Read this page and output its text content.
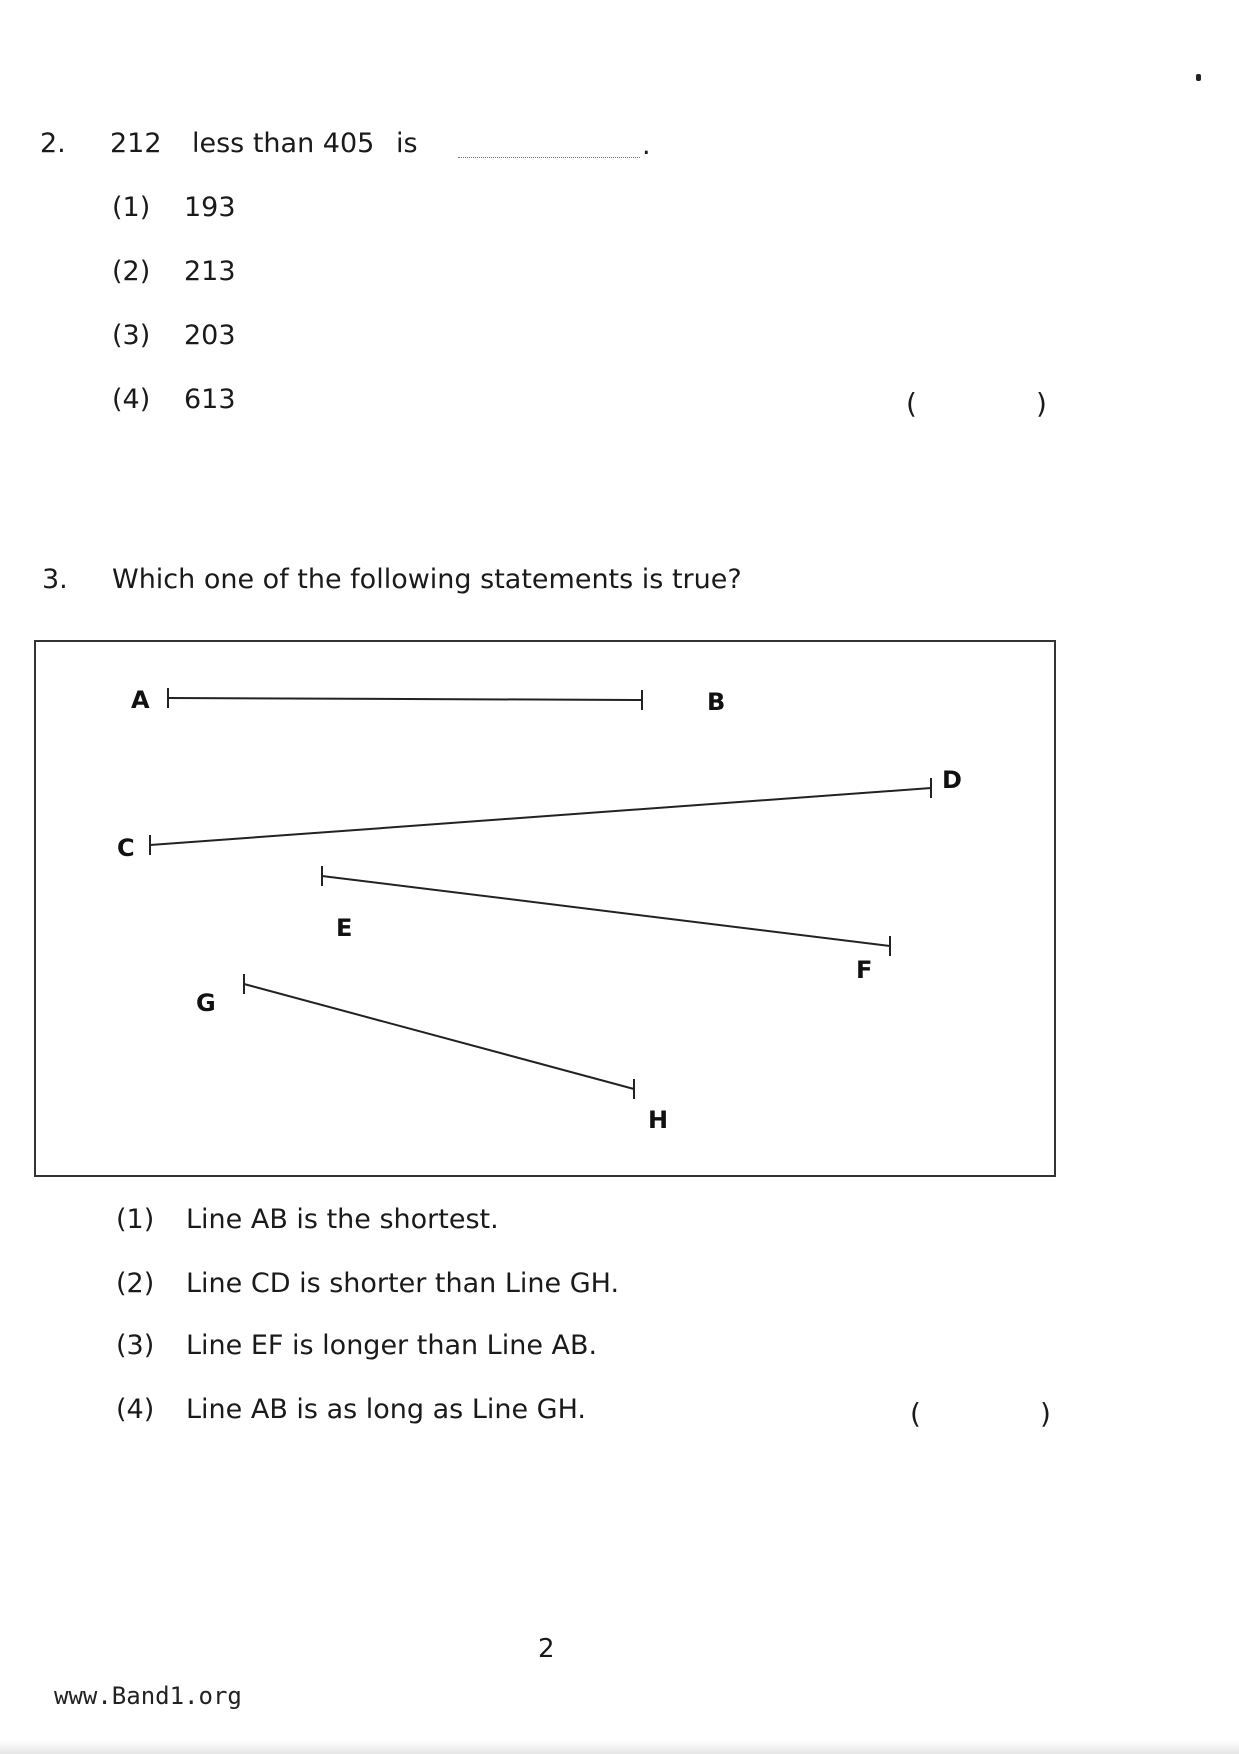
2. 212 less than 405 is	.
(1) 193
(2) 213
(3) 203
(4) 613	(	)
3. Which one of the following statements is true?
A	B
C
D
E
F
G
H
(1) Line AB is the shortest.
(2) Line CD is shorter than Line GH.
(3) Line EF is longer than Line AB.
(4) Line AB is as long as Line GH.	(	)
2
www.Band1.org
